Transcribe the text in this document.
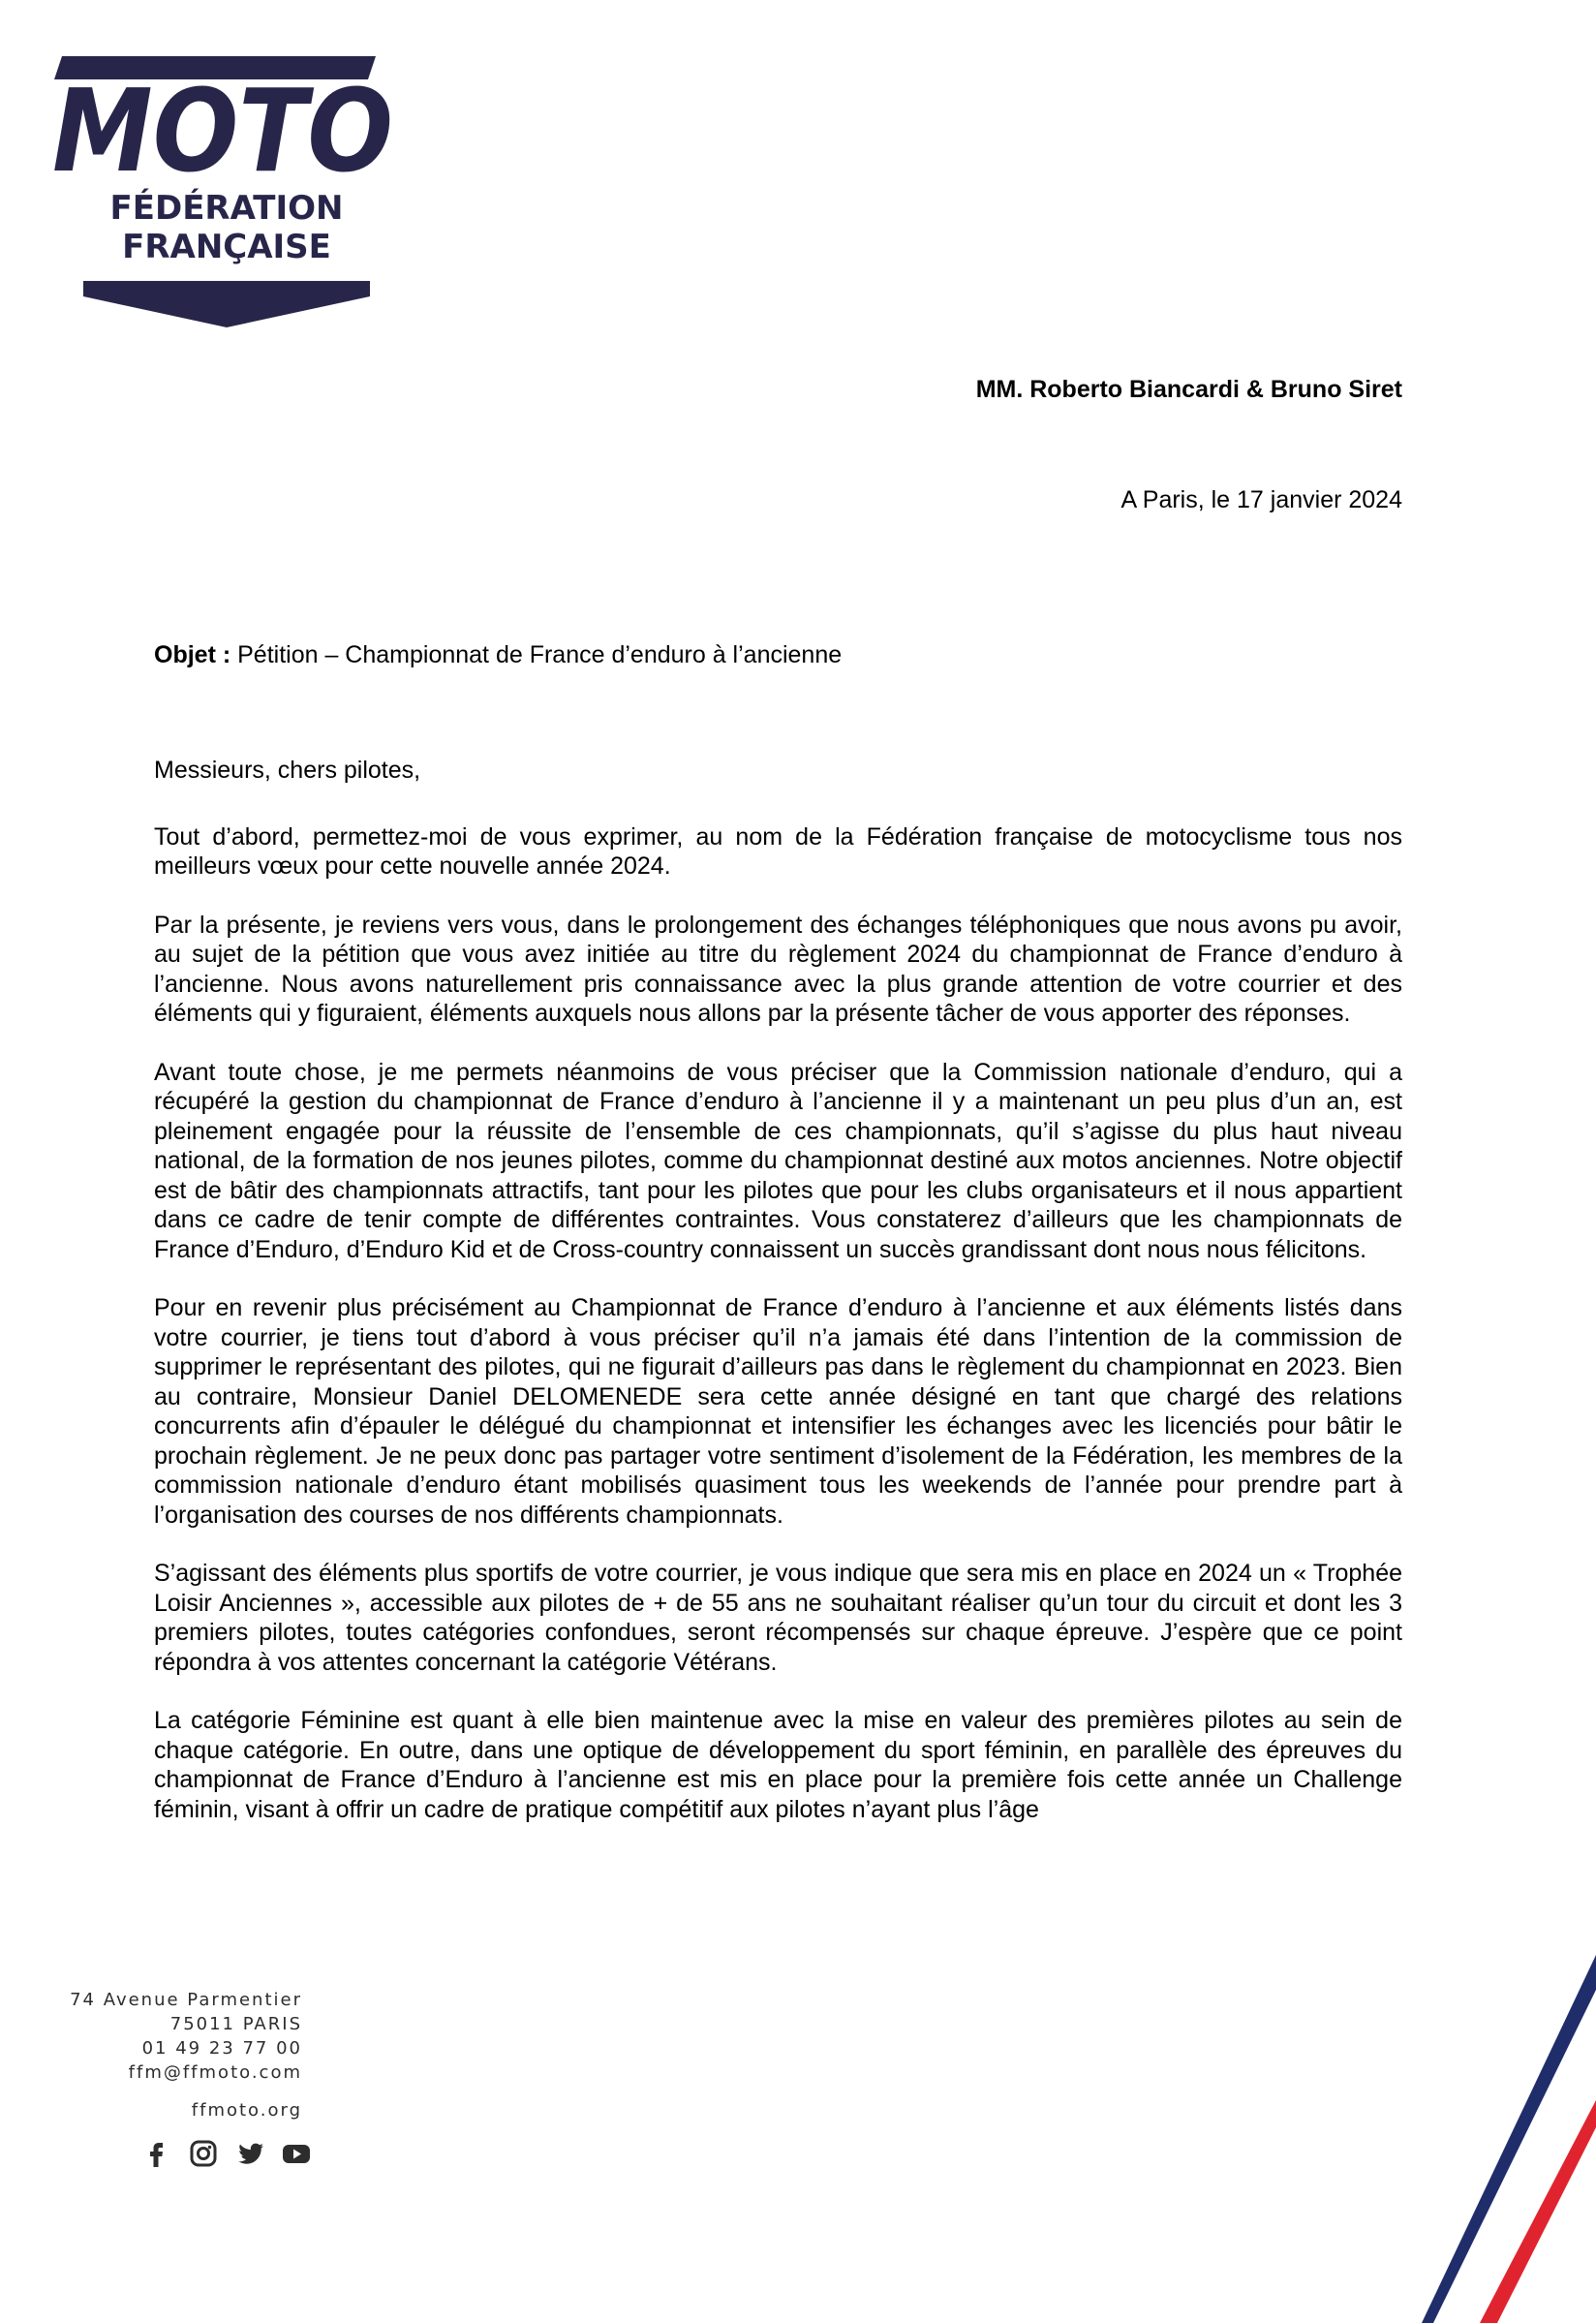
MOTO
FÉDÉRATION
FRANÇAISE
MM. Roberto Biancardi & Bruno Siret
A Paris, le 17 janvier 2024
Objet : Pétition – Championnat de France d’enduro à l’ancienne

Messieurs, chers pilotes,

Tout d’abord, permettez-moi de vous exprimer, au nom de la Fédération française de motocyclisme tous nos meilleurs vœux pour cette nouvelle année 2024.

Par la présente, je reviens vers vous, dans le prolongement des échanges téléphoniques que nous avons pu avoir, au sujet de la pétition que vous avez initiée au titre du règlement 2024 du championnat de France d’enduro à l’ancienne. Nous avons naturellement pris connaissance avec la plus grande attention de votre courrier et des éléments qui y figuraient, éléments auxquels nous allons par la présente tâcher de vous apporter des réponses.

Avant toute chose, je me permets néanmoins de vous préciser que la Commission nationale d’enduro, qui a récupéré la gestion du championnat de France d’enduro à l’ancienne il y a maintenant un peu plus d’un an, est pleinement engagée pour la réussite de l’ensemble de ces championnats, qu’il s’agisse du plus haut niveau national, de la formation de nos jeunes pilotes, comme du championnat destiné aux motos anciennes. Notre objectif est de bâtir des championnats attractifs, tant pour les pilotes que pour les clubs organisateurs et il nous appartient dans ce cadre de tenir compte de différentes contraintes. Vous constaterez d’ailleurs que les championnats de France d’Enduro, d’Enduro Kid et de Cross-country connaissent un succès grandissant dont nous nous félicitons.

Pour en revenir plus précisément au Championnat de France d’enduro à l’ancienne et aux éléments listés dans votre courrier, je tiens tout d’abord à vous préciser qu’il n’a jamais été dans l’intention de la commission de supprimer le représentant des pilotes, qui ne figurait d’ailleurs pas dans le règlement du championnat en 2023. Bien au contraire, Monsieur Daniel DELOMENEDE sera cette année désigné en tant que chargé des relations concurrents afin d’épauler le délégué du championnat et intensifier les échanges avec les licenciés pour bâtir le prochain règlement. Je ne peux donc pas partager votre sentiment d’isolement de la Fédération, les membres de la commission nationale d’enduro étant mobilisés quasiment tous les weekends de l’année pour prendre part à l’organisation des courses de nos différents championnats.

S’agissant des éléments plus sportifs de votre courrier, je vous indique que sera mis en place en 2024 un « Trophée Loisir Anciennes », accessible aux pilotes de + de 55 ans ne souhaitant réaliser qu’un tour du circuit et dont les 3 premiers pilotes, toutes catégories confondues, seront récompensés sur chaque épreuve. J’espère que ce point répondra à vos attentes concernant la catégorie Vétérans.

La catégorie Féminine est quant à elle bien maintenue avec la mise en valeur des premières pilotes au sein de chaque catégorie. En outre, dans une optique de développement du sport féminin, en parallèle des épreuves du championnat de France d’Enduro à l’ancienne est mis en place pour la première fois cette année un Challenge féminin, visant à offrir un cadre de pratique compétitif aux pilotes n’ayant plus l’âge

74 Avenue Parmentier
75011 PARIS
01 49 23 77 00
ffm@ffmoto.com
ffmoto.org
